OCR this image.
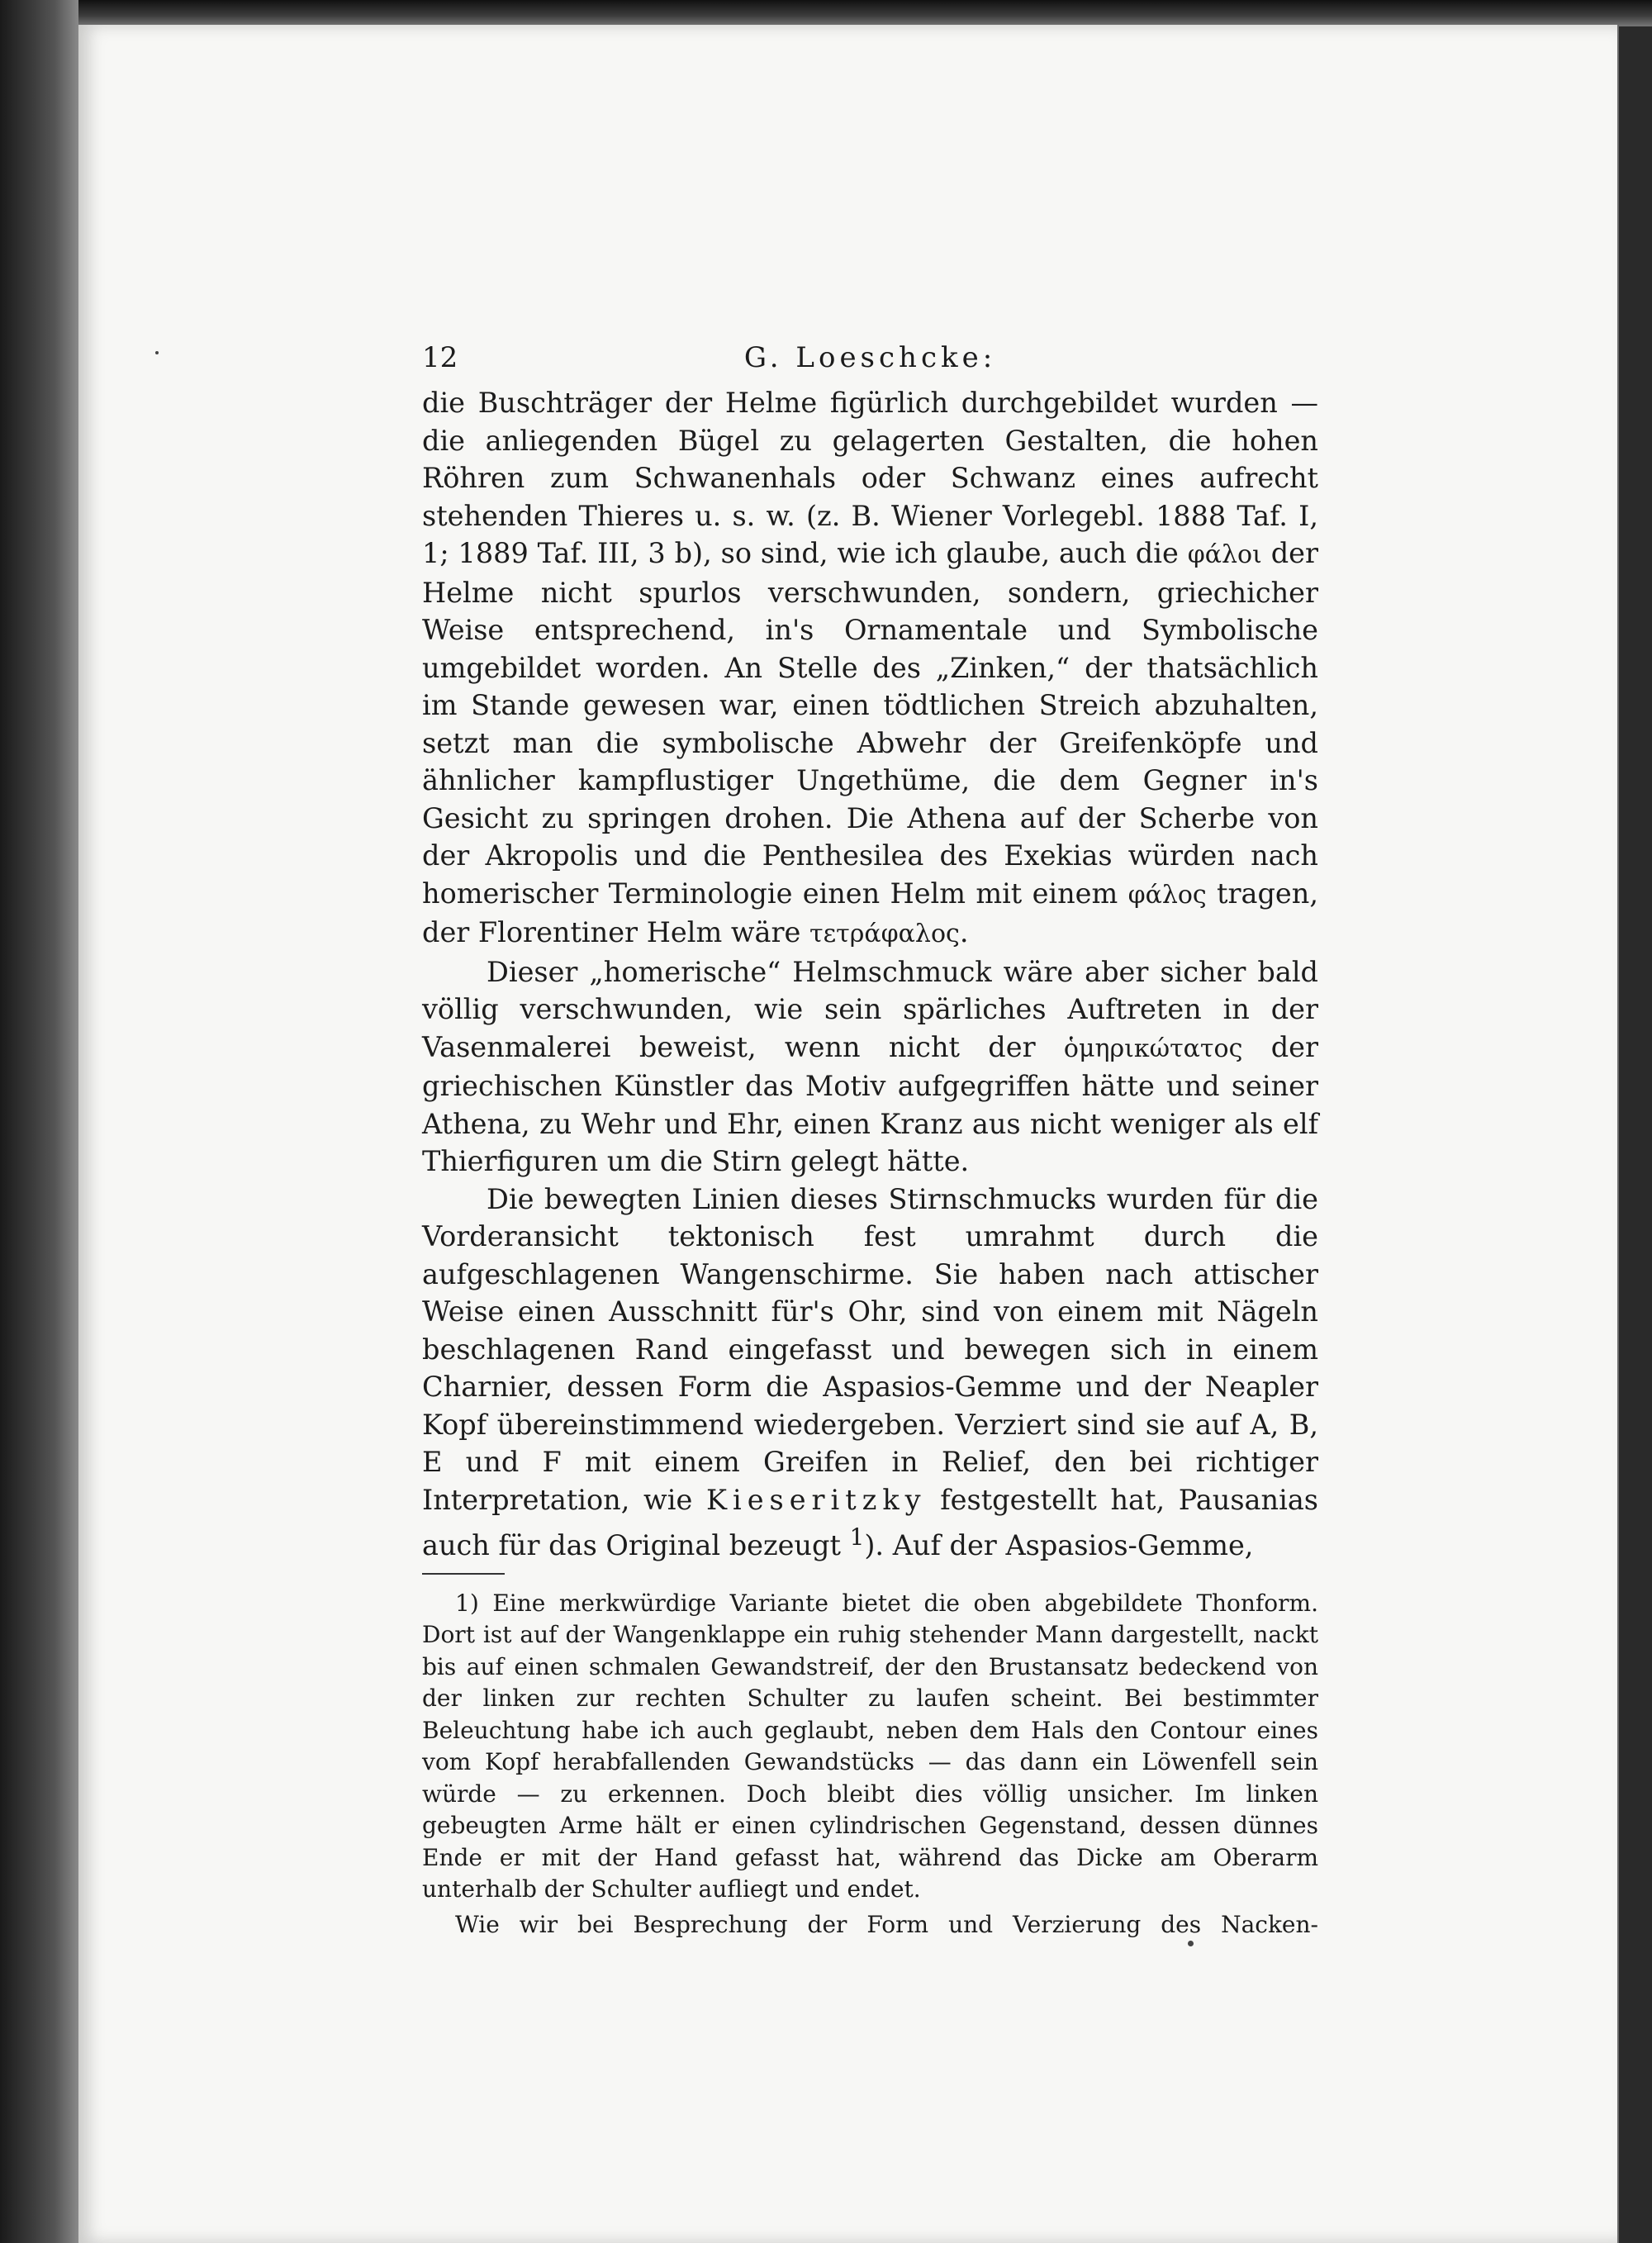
12	G. Loeschcke:

die Buschträger der Helme figürlich durchgebildet wurden — die anliegenden Bügel zu gelagerten Gestalten, die hohen Röhren zum Schwanenhals oder Schwanz eines aufrecht stehenden Thieres u. s. w. (z. B. Wiener Vorlegebl. 1888 Taf. I, 1; 1889 Taf. III, 3 b), so sind, wie ich glaube, auch die φάλοι der Helme nicht spurlos verschwunden, sondern, griechicher Weise entsprechend, in's Ornamentale und Symbolische umgebildet worden. An Stelle des „Zinken,“ der thatsächlich im Stande gewesen war, einen tödtlichen Streich abzuhalten, setzt man die symbolische Abwehr der Greifenköpfe und ähnlicher kampflustiger Ungethüme, die dem Gegner in's Gesicht zu springen drohen. Die Athena auf der Scherbe von der Akropolis und die Penthesilea des Exekias würden nach homerischer Terminologie einen Helm mit einem φάλος tragen, der Florentiner Helm wäre τετράφαλος.

Dieser „homerische“ Helmschmuck wäre aber sicher bald völlig verschwunden, wie sein spärliches Auftreten in der Vasenmalerei beweist, wenn nicht der ὁμηρικώτατος der griechischen Künstler das Motiv aufgegriffen hätte und seiner Athena, zu Wehr und Ehr, einen Kranz aus nicht weniger als elf Thierfiguren um die Stirn gelegt hätte.

Die bewegten Linien dieses Stirnschmucks wurden für die Vorderansicht tektonisch fest umrahmt durch die aufgeschlagenen Wangenschirme. Sie haben nach attischer Weise einen Ausschnitt für's Ohr, sind von einem mit Nägeln beschlagenen Rand eingefasst und bewegen sich in einem Charnier, dessen Form die Aspasios-Gemme und der Neapler Kopf übereinstimmend wiedergeben. Verziert sind sie auf A, B, E und F mit einem Greifen in Relief, den bei richtiger Interpretation, wie Kieseritzky festgestellt hat, Pausanias auch für das Original bezeugt $^1$). Auf der Aspasios-Gemme,

1) Eine merkwürdige Variante bietet die oben abgebildete Thonform. Dort ist auf der Wangenklappe ein ruhig stehender Mann dargestellt, nackt bis auf einen schmalen Gewandstreif, der den Brustansatz bedeckend von der linken zur rechten Schulter zu laufen scheint. Bei bestimmter Beleuchtung habe ich auch geglaubt, neben dem Hals den Contour eines vom Kopf herabfallenden Gewandstücks — das dann ein Löwenfell sein würde — zu erkennen. Doch bleibt dies völlig unsicher. Im linken gebeugten Arme hält er einen cylindrischen Gegenstand, dessen dünnes Ende er mit der Hand gefasst hat, während das Dicke am Oberarm unterhalb der Schulter aufliegt und endet.

Wie wir bei Besprechung der Form und Verzierung des Nacken-
